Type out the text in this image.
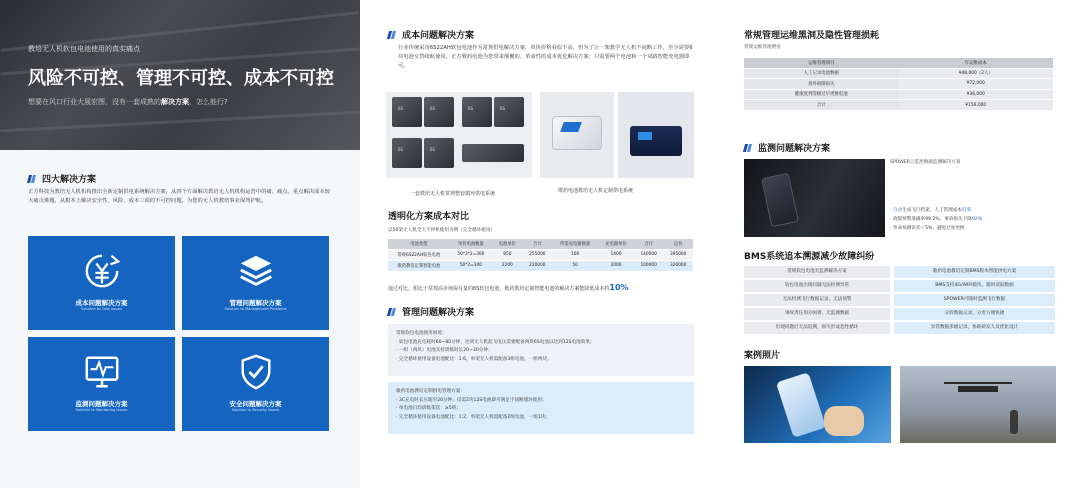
教培无人机软包电池使用的真实痛点
风险不可控、管理不可控、成本不可控
想要在风口行业大展宏图，没有一套成熟的解决方案，怎么能行?
四大解决方案
正方科技为教培无人机机构推出全新定制供电系统解决方案，从四个方面解决教培无人机机构运营中的痛、痛点。重点解决成本较大痛点难题，从根本上解决安全性、风险、成本三项的不可控问题，为您的无人机教培事业保驾护航。
成本问题解决方案
Solution to Cost Issues
管理问题解决方案
Solution to Management Problems
监测问题解决方案
Solution to Monitoring Issues
安全问题解决方案
Solution to Security Issues
成本问题解决方案
行业传统采用6S22AH软包电池作为常规供电解决方案，单块价格看似不高，但为了让一架教学无人机不间断工作，至少需要6块电池交替续航使用。正方歌药电池为您带来颠覆的、革命性的成本优化解决方案：只需要两个电池和一个双路智能充电器即可。
6S	6S	6S	6S
6S	6S
一套教培无人机常规整套循环供电系统	歌药电池教培无人机定制供电系统
透明化方案成本对比
以50架无人机全天不停机使用为例（完全循环使用）
电池类型	单价电池数量	电池单价	合计	所需充电器数量	充电器单价	合计	总价
常规6S22AH软包电池	50*3*2=300	850	255000	100	1400	140000	395000
歌药教培定制智能电池	50*2=100	2200	220000	50	2000	100000	320000
通过对比，相比于常规高市场保有量的6S软包电池，歌药教培定制智能电池的解决方案能降低成本约10%
管理问题解决方案

常规软包电池使用困境：

· 软包电池充电耗时60~80分钟，达到无人机起飞电压需要配备两块6S电池以达到12S电池效果；

· 一组（两块）电池支持训练时长20~30分钟；

· 完全循环使用设备电池配比：1:6，单架无人机需配备3组电池，一组两块；

歌药电池教培定制供电管理方案：

· 3C充电时长压缩至20分钟，仅需2块12S电池即可满足不间断循环使用；

· 单电池日均训练架次：≥5班；

· 完全循环使用设备电池配比：1:2，单架无人机需配备2组电池，一组1块；

常规管理运维黑洞及隐性管理损耗
常规运维管理费用
运维管理项目	年运维成本
人工记录电池数据	¥48,000（2人）
意外故障损失	¥72,000
健康度判等级过早更换电池	¥36,000
合计	¥156,000
监测问题解决方案
SPOWER云监控数据监测解决方案
· 自动生成飞行档案，人工管理成本归零
· 故障预警准确率99.2%，事故损失下降92%
· 寿命预测误差＜5%，避免过度更换
BMS系统追本溯源减少故障纠纷
常规软包电池无监测解决方案	歌药电池教培定制BMS版本智能供电方案
软包电池出现问题无法检测异常	BMS支持4G/WIFI模块，随时读取数据
无法检测飞行数据记录，无法预警	SPOWER可随时监测飞行数据
事故责任划分困难，无监测数据	分段数据记录，分责方便快捷
出现问题后无法追溯，损失形成恶性循环	异常数据多级记录，协助研发人员优化设计
案例照片
